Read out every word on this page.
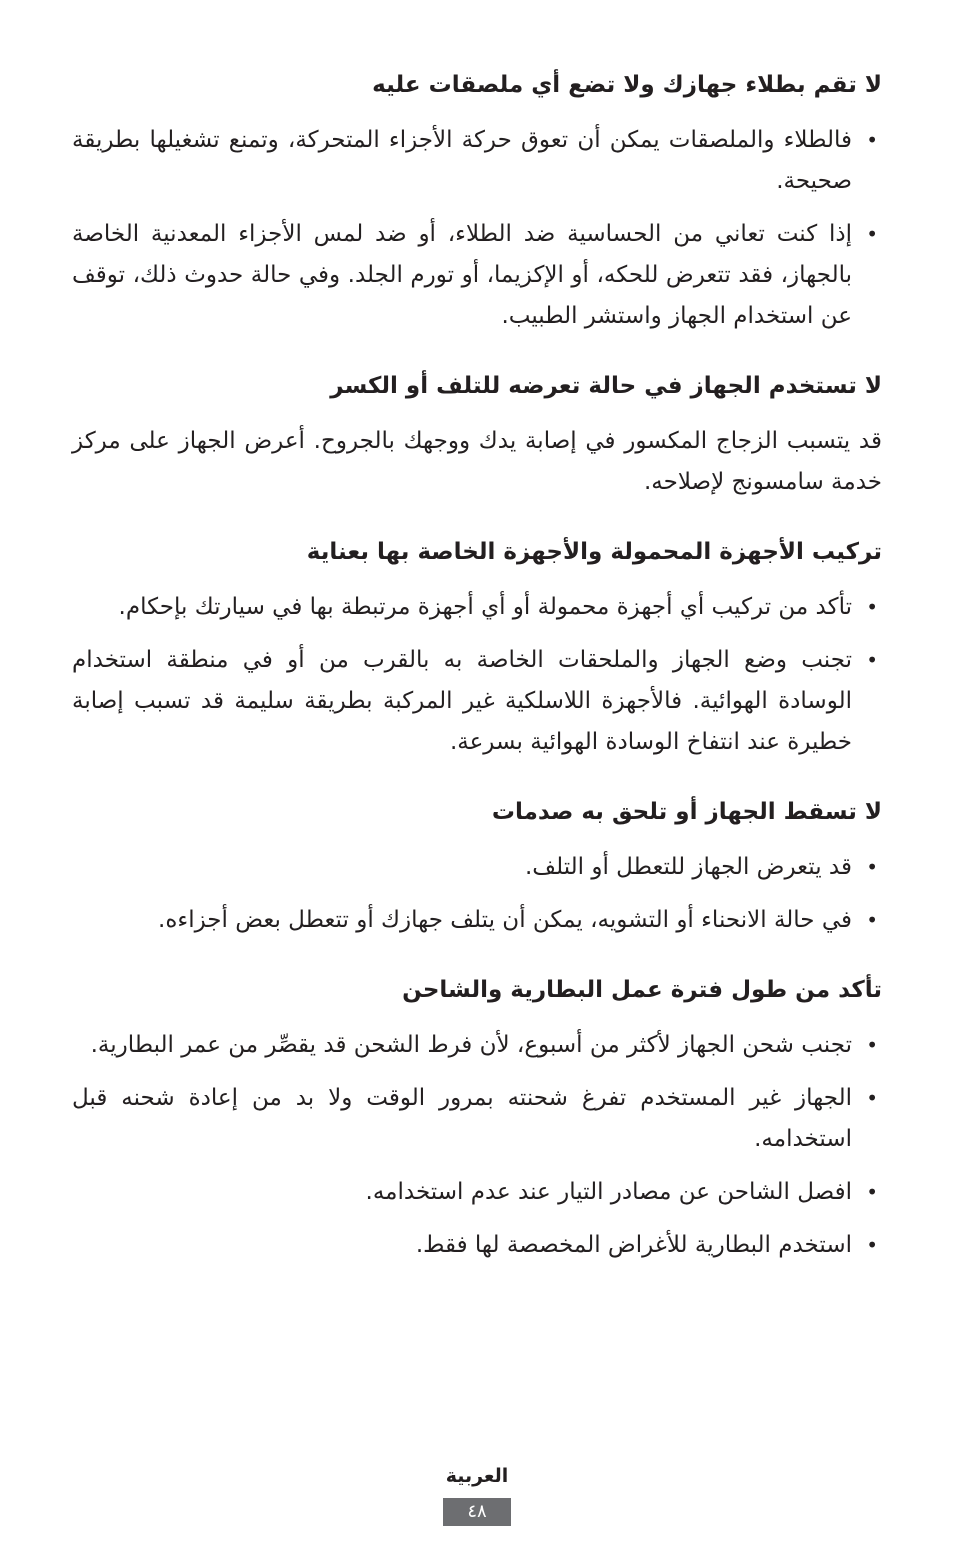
لا تقم بطلاء جهازك ولا تضع أي ملصقات عليه
• فالطلاء والملصقات يمكن أن تعوق حركة الأجزاء المتحركة، وتمنع تشغيلها بطريقة صحيحة.
• إذا كنت تعاني من الحساسية ضد الطلاء، أو ضد لمس الأجزاء المعدنية الخاصة بالجهاز، فقد تتعرض للحكه، أو الإكزيما، أو تورم الجلد. وفي حالة حدوث ذلك، توقف عن استخدام الجهاز واستشر الطبيب.
لا تستخدم الجهاز في حالة تعرضه للتلف أو الكسر

قد يتسبب الزجاج المكسور في إصابة يدك ووجهك بالجروح. أعرض الجهاز على مركز خدمة سامسونج لإصلاحه.

تركيب الأجهزة المحمولة والأجهزة الخاصة بها بعناية
• تأكد من تركيب أي أجهزة محمولة أو أي أجهزة مرتبطة بها في سيارتك بإحكام.
• تجنب وضع الجهاز والملحقات الخاصة به بالقرب من أو في منطقة استخدام الوسادة الهوائية. فالأجهزة اللاسلكية غير المركبة بطريقة سليمة قد تسبب إصابة خطيرة عند انتفاخ الوسادة الهوائية بسرعة.
لا تسقط الجهاز أو تلحق به صدمات
• قد يتعرض الجهاز للتعطل أو التلف.
• في حالة الانحناء أو التشويه، يمكن أن يتلف جهازك أو تتعطل بعض أجزاءه.
تأكد من طول فترة عمل البطارية والشاحن
• تجنب شحن الجهاز لأكثر من أسبوع، لأن فرط الشحن قد يقصِّر من عمر البطارية.
• الجهاز غير المستخدم تفرغ شحنته بمرور الوقت ولا بد من إعادة شحنه قبل استخدامه.
• افصل الشاحن عن مصادر التيار عند عدم استخدامه.
• استخدم البطارية للأغراض المخصصة لها فقط.
العربية
٤٨
